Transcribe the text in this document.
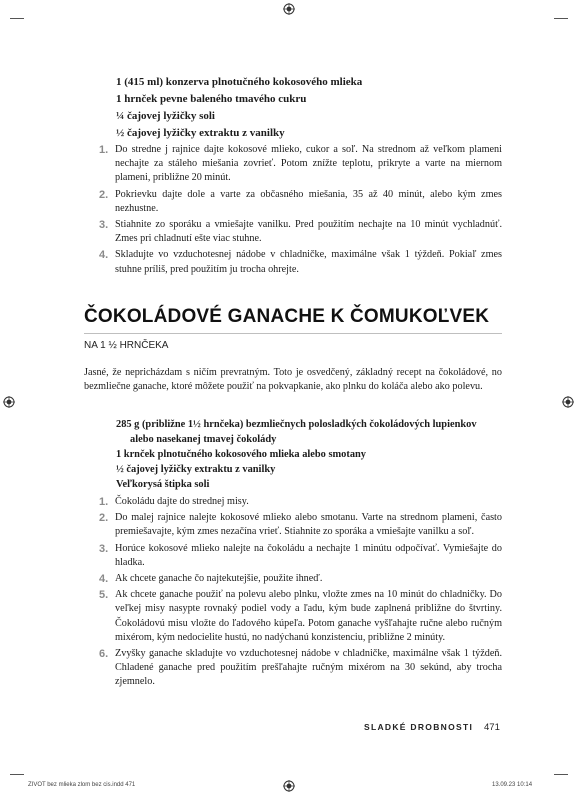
1 (415 ml) konzerva plnotučného kokosového mlieka
1 hrnček pevne baleného tmavého cukru
¼ čajovej lyžičky soli
½ čajovej lyžičky extraktu z vanilky
1. Do stredne j rajnice dajte kokosové mlieko, cukor a soľ. Na strednom až veľkom plameni nechajte za stáleho miešania zovrieť. Potom znížte teplotu, prikryte a varte na miernom plameni, približne 20 minút.
2. Pokrievku dajte dole a varte za občasného miešania, 35 až 40 minút, alebo kým zmes nezhustne.
3. Stiahnite zo sporáku a vmiešajte vanilku. Pred použitím nechajte na 10 minút vychladnúť. Zmes pri chladnutí ešte viac stuhne.
4. Skladujte vo vzduchotesnej nádobe v chladničke, maximálne však 1 týždeň. Pokiaľ zmes stuhne príliš, pred použitím ju trocha ohrejte.
ČOKOLÁDOVÉ GANACHE K ČOMUKOĽVEK
NA 1 ½ HRNČEKA
Jasné, že nepricházdam s ničím prevratným. Toto je osvedčený, základný recept na čokoládové, no bezmliečne ganache, ktoré môžete použiť na pokvapkanie, ako plnku do koláča alebo ako polevu.
285 g (približne 1½ hrnčeka) bezmliečnych polosladkých čokoládových lupienkov
alebo nasekanej tmavej čokolády
1 krnček plnotučného kokosového mlieka alebo smotany
½ čajovej lyžičky extraktu z vanilky
Veľkorysá štipka soli
1. Čokoládu dajte do strednej misy.
2. Do malej rajnice nalejte kokosové mlieko alebo smotanu. Varte na strednom plameni, často premiešavajte, kým zmes nezačína vrieť. Stiahnite zo sporáka a vmiešajte vanilku a soľ.
3. Horúce kokosové mlieko nalejte na čokoládu a nechajte 1 minútu odpočívať. Vymiešajte do hladka.
4. Ak chcete ganache čo najtekutejšie, použite ihneď.
5. Ak chcete ganache použiť na polevu alebo plnku, vložte zmes na 10 minút do chladničky. Do veľkej misy nasypte rovnaký podiel vody a ľadu, kým bude zaplnená približne do štvrtiny. Čokoládovú misu vložte do ľadového kúpeľa. Potom ganache vyšľahajte ručne alebo ručným mixérom, kým nedocielite hustú, no nadýchanú konzistenciu, približne 2 minúty.
6. Zvyšky ganache skladujte vo vzduchotesnej nádobe v chladničke, maximálne však 1 týždeň. Chladené ganache pred použitím prešľahajte ručným mixérom na 30 sekúnd, aby trocha zjemnelo.
SLADKÉ DROBNOSTI 471
ZIVOT bez mlieka zlom bez cis.indd 471	13.09.23 10:14
